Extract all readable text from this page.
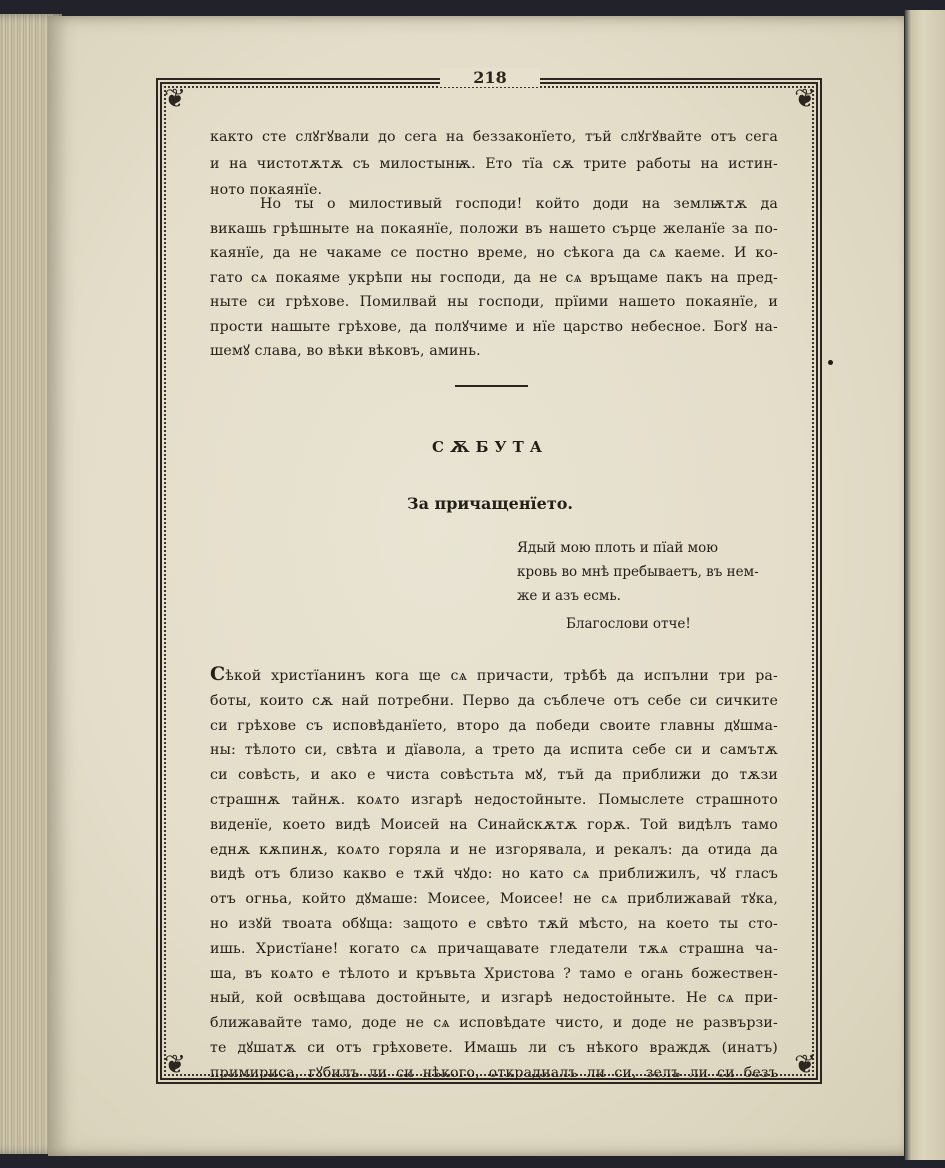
❦	❦
❦	❦
218
както сте слꙋгꙋвали до сега на беззаконїето, тъй слꙋгꙋвайте отъ сега
и на чистотѫтѫ съ милостынѭ. Ето тїа сѫ трите работы на истин-
ното покаянїе.
Но ты о милостивый господи! който доди на землѭтѫ да
викашь грѣшныте на покаянїе, положи въ нашето сърце желанїе за по-
каянїе, да не чакаме се постно време, но сѣкога да сѧ каеме. И ко-
гато сѧ покаяме укрѣпи ны господи, да не сѧ връщаме пакъ на пред-
ныте си грѣхове. Помилвай ны господи, прїими нашето покаянїе, и
прости нашыте грѣхове, да полꙋчиме и нїе царство небесное. Богꙋ на-
шемꙋ слава, во вѣки вѣковъ, аминь.
СѪБУТА
За причащенїето.
Ядый мою плоть и пїай мою
кровь во мнѣ пребываетъ, въ нем-
же и азъ есмь.
Благослови отче!
Сѣкой христїанинъ кога ще сѧ причасти, трѣбѣ да испълни три ра-
боты, които сѫ най потребни. Перво да съблече отъ себе си сичките
си грѣхове съ исповѣданїето, второ да победи своите главны дꙋшма-
ны: тѣлото си, свѣта и дїавола, а трето да испита себе си и самътѫ
си совѣсть, и ако е чиста совѣстьта мꙋ, тъй да приближи до тѫзи
страшнѫ тайнѫ. коѧто изгарѣ недостойныте. Помыслете страшното
виденїе, което видѣ Моисей на Синайскѫтѫ горѫ. Той видѣлъ тамо
еднѫ кѫпинѫ, коѧто горяла и не изгорявала, и рекалъ: да отида да
видѣ отъ близо какво е тѫй чꙋдо: но като сѧ приближилъ, чꙋ гласъ
отъ огньа, който дꙋмаше: Моисее, Моисее! не сѧ приближавай тꙋка,
но изꙋй твоата обꙋща: защото е свѣто тѫй мѣсто, на което ты сто-
ишь. Христїане! когато сѧ причащавате гледатели тѫѧ страшна ча-
ша, въ коѧто е тѣлото и кръвьта Христова ? тамо е огань божествен-
ный, кой освѣщава достойныте, и изгарѣ недостойныте. Не сѧ при-
ближавайте тамо, доде не сѧ исповѣдате чисто, и доде не развързи-
те дꙋшатѫ си отъ грѣховете. Имашь ли съ нѣкого враждѫ (инатъ)
примириса, гꙋбилъ ли си нѣкого, открадналъ ли си, зелъ ли си безъ
